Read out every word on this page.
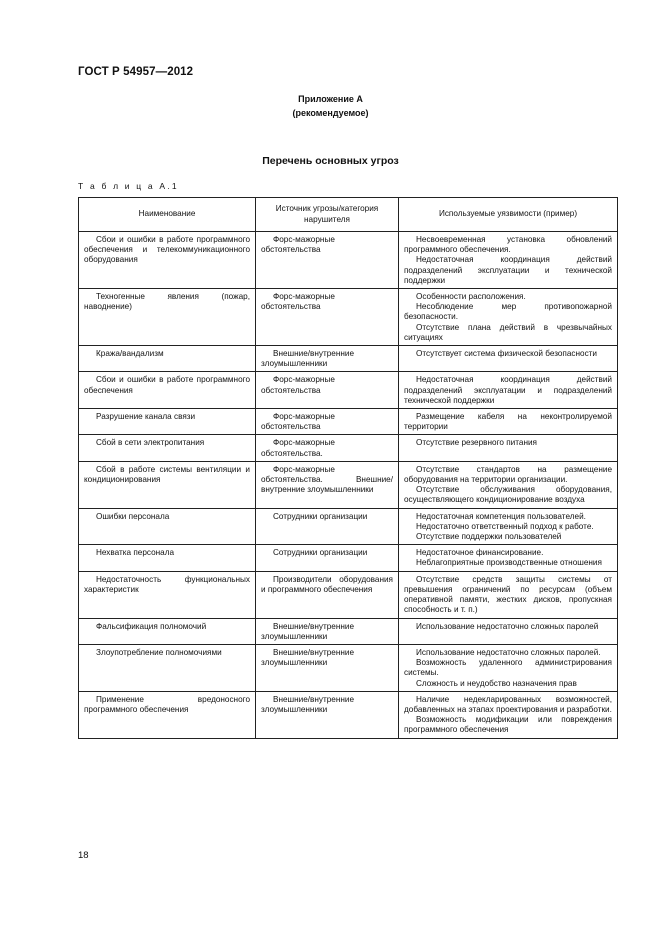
ГОСТ Р 54957—2012
Приложение А
(рекомендуемое)
Перечень основных угроз
Т а б л и ц а А.1
Наименование	Источник угрозы/категория нарушителя	Используемые уязвимости (пример)
Сбои и ошибки в работе программного обеспечения и телекоммуникационного оборудования	Форс-мажорные обстоятельства	Несвоевременная установка обновлений программного обеспечения.
Недостаточная координация действий подразделений эксплуатации и технической поддержки

Техногенные явления (пожар, наводнение)	Форс-мажорные обстоятельства	Особенности расположения.
Несоблюдение мер противопожарной безопасности.
Отсутствие плана действий в чрезвычайных ситуациях

Кража/вандализм	Внешние/внутренние злоумышленники	Отсутствует система физической безопасности

Сбои и ошибки в работе программного обеспечения	Форс-мажорные обстоятельства	Недостаточная координация действий подразделений эксплуатации и подразделений технической поддержки

Разрушение канала связи	Форс-мажорные обстоятельства	Размещение кабеля на неконтролируемой территории

Сбой в сети электропитания	Форс-мажорные обстоятельства.	Отсутствие резервного питания

Сбой в работе системы вентиляции и кондиционирования	Форс-мажорные обстоятельства. Внешние/внутренние злоумышленники	Отсутствие стандартов на размещение оборудования на территории организации.
Отсутствие обслуживания оборудования, осуществляющего кондиционирование воздуха

Ошибки персонала	Сотрудники организации	Недостаточная компетенция пользователей.
Недостаточно ответственный подход к работе.
Отсутствие поддержки пользователей

Нехватка персонала	Сотрудники организации	Недостаточное финансирование.
Неблагоприятные производственные отношения

Недостаточность функциональных характеристик	Производители оборудования и программного обеспечения	Отсутствие средств защиты системы от превышения ограничений по ресурсам (объем оперативной памяти, жестких дисков, пропускная способность и т. п.)

Фальсификация полномочий	Внешние/внутренние злоумышленники	Использование недостаточно сложных паролей

Злоупотребление полномочиями	Внешние/внутренние злоумышленники	Использование недостаточно сложных паролей.
Возможность удаленного администрирования системы.
Сложность и неудобство назначения прав

Применение вредоносного программного обеспечения	Внешние/внутренние злоумышленники	Наличие недекларированных возможностей, добавленных на этапах проектирования и разработки.
Возможность модификации или повреждения программного обеспечения
18
